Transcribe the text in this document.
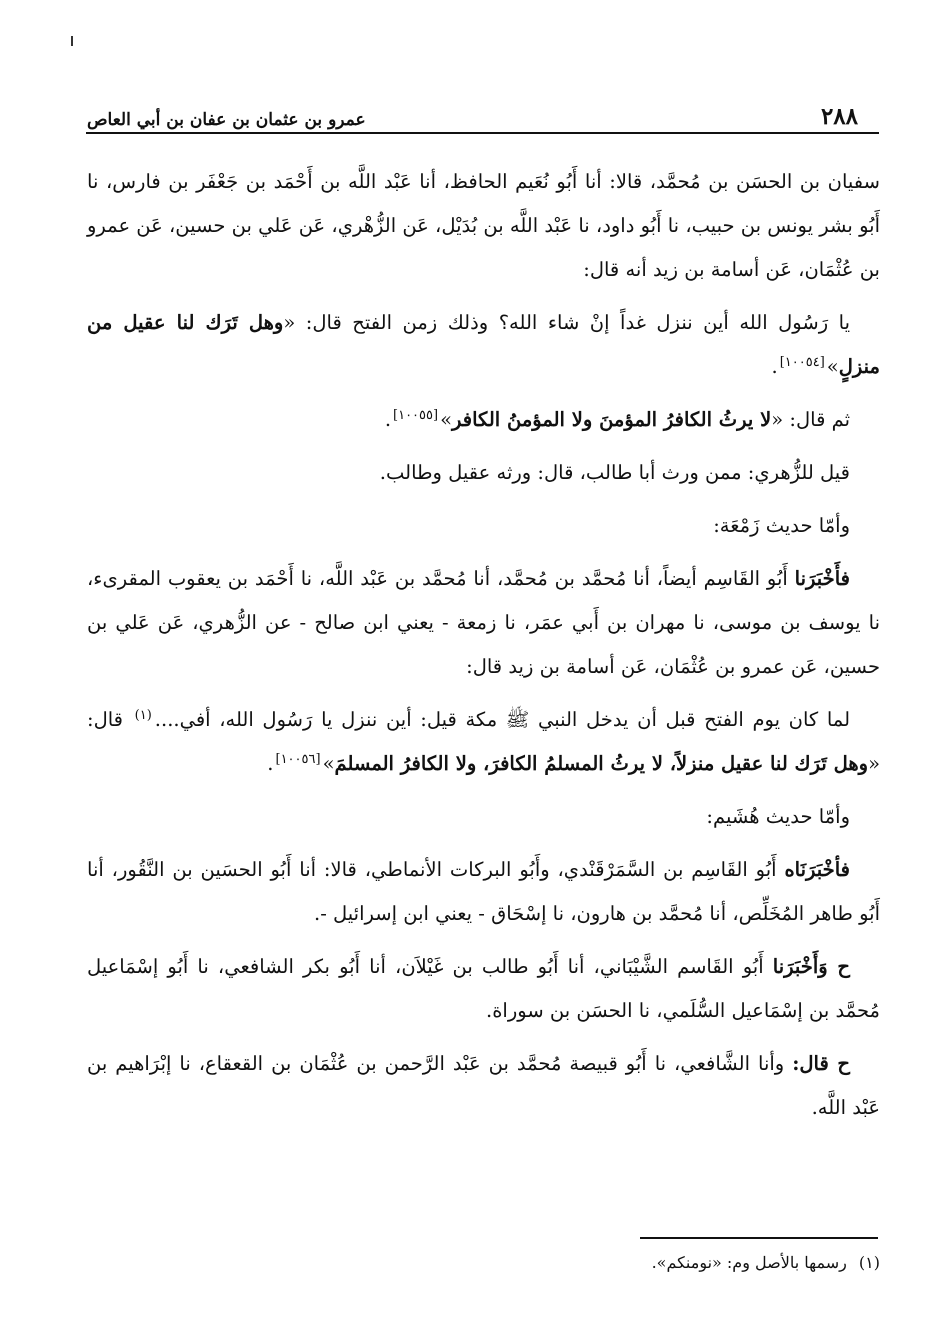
٢٨٨
عمرو بن عثمان بن عفان بن أبي العاص

سفيان بن الحسَن بن مُحمَّد، قالا: أنا أَبُو نُعَيم الحافظ، أنا عَبْد اللَّه بن أَحْمَد بن جَعْفَر بن فارس، نا أَبُو بشر يونس بن حبيب، نا أَبُو داود، نا عَبْد اللَّه بن بُدَيْل، عَن الزُّهْري، عَن عَلي بن حسين، عَن عمرو بن عُثْمَان، عَن أسامة بن زيد أنه قال:

يا رَسُول الله أين ننزل غداً إنْ شاء الله؟ وذلك زمن الفتح قال: «وهل تَرَك لنا عقيل من منزلٍ»[١٠٠٥٤].

ثم قال: «لا يرثُ الكافرُ المؤمنَ ولا المؤمنُ الكافر»[١٠٠٥٥].

قيل للزُّهري: ممن ورث أبا طالب، قال: ورثه عقيل وطالب.

وأمّا حديث زَمْعَة:

فأَخْبَرَنا أَبُو القَاسِم أيضاً، أنا مُحمَّد بن مُحمَّد، أنا مُحمَّد بن عَبْد اللَّه، نا أَحْمَد بن يعقوب المقرىء، نا يوسف بن موسى، نا مهران بن أَبي عمَر، نا زمعة - يعني ابن صالح - عن الزُّهري، عَن عَلي بن حسين، عَن عمرو بن عُثْمَان، عَن أسامة بن زيد قال:

لما كان يوم الفتح قبل أن يدخل النبي ﷺ مكة قيل: أين ننزل يا رَسُول الله، أفي....$^{(١)}$ قال: «وهل تَرَك لنا عقيل منزلاً، لا يرثُ المسلمُ الكافرَ، ولا الكافرُ المسلمَ»[١٠٠٥٦].

وأمّا حديث هُشَيم:

فأخْبَرَنَاه أَبُو القَاسِم بن السَّمَرْقَنْدي، وأَبُو البركات الأنماطي، قالا: أنا أَبُو الحسَين بن النَّقُور، أنا أَبُو طاهر المُخَلِّص، أنا مُحمَّد بن هارون، نا إسْحَاق - يعني ابن إسرائيل -.

ح وَأَخْبَرَنا أَبُو القَاسم الشَّيْبَاني، أنا أَبُو طالب بن غَيْلاَن، أنا أَبُو بكر الشافعي، نا أَبُو إسْمَاعيل مُحمَّد بن إسْمَاعيل السُّلَمي، نا الحسَن بن سوراة.

ح قال: وأنا الشَّافعي، نا أَبُو قبيصة مُحمَّد بن عَبْد الرَّحمن بن عُثْمَان بن القعقاع، نا إبْرَاهيم بن عَبْد اللَّه.

(١)رسمها بالأصل وم: «نومنكم».
